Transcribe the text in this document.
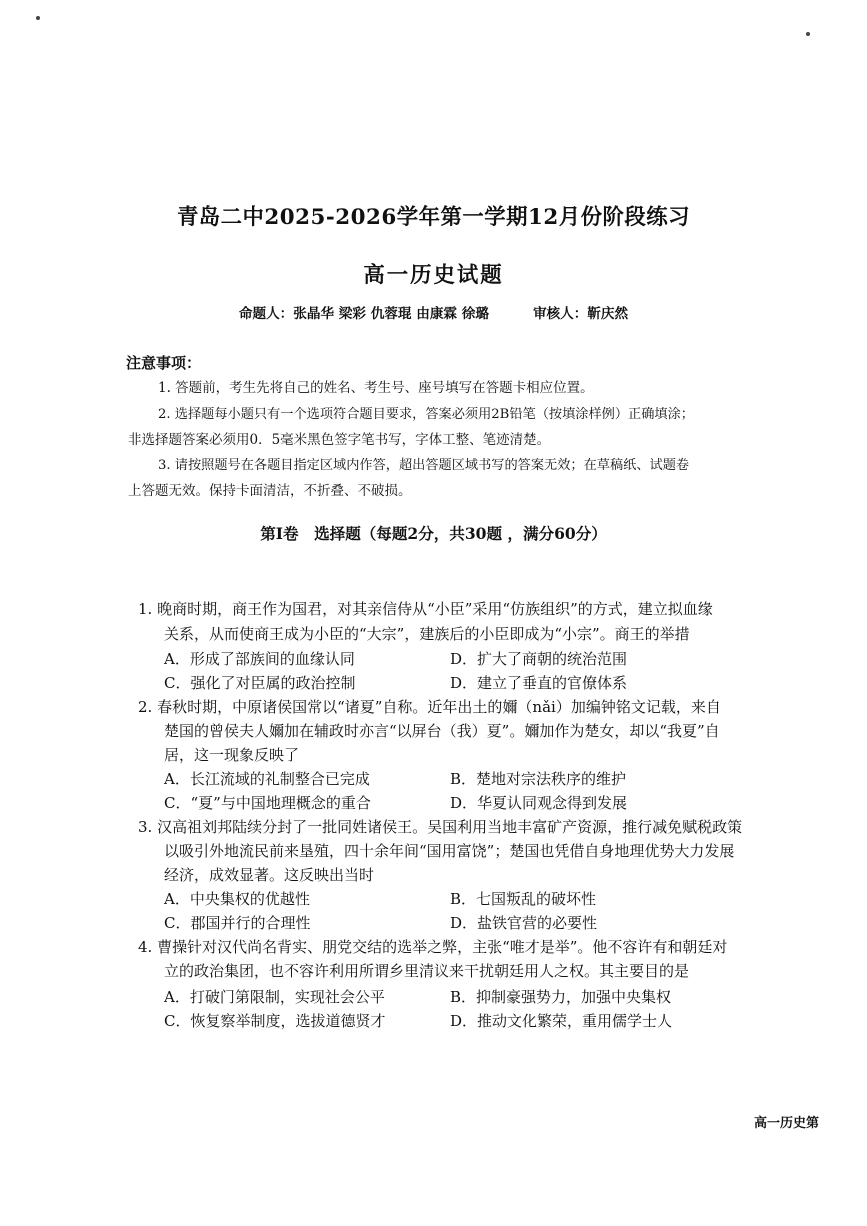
青岛二中2025-2026学年第一学期12月份阶段练习
高一历史试题
命题人：张晶华 梁彩 仇蓉琨 由康霖 徐璐	审核人：靳庆然
注意事项：
1. 答题前，考生先将自己的姓名、考生号、座号填写在答题卡相应位置。
2. 选择题每小题只有一个选项符合题目要求，答案必须用2B铅笔（按填涂样例）正确填涂；
非选择题答案必须用0．5毫米黑色签字笔书写，字体工整、笔迹清楚。
3. 请按照题号在各题目指定区域内作答，超出答题区域书写的答案无效；在草稿纸、试题卷
上答题无效。保持卡面清洁，不折叠、不破损。
第Ⅰ卷　选择题（每题2分，共30题 ，满分60分）
1. 晚商时期，商王作为国君，对其亲信侍从“小臣”采用“仿族组织”的方式，建立拟血缘
关系，从而使商王成为小臣的“大宗”，建族后的小臣即成为“小宗”。商王的举措
A．形成了部族间的血缘认同	D．扩大了商朝的统治范围
C．强化了对臣属的政治控制	D．建立了垂直的官僚体系
2. 春秋时期，中原诸侯国常以“诸夏”自称。近年出土的嬭（nǎi）加编钟铭文记载，来自
楚国的曾侯夫人嬭加在辅政时亦言“以屏台（我）夏”。嬭加作为楚女，却以“我夏”自
居，这一现象反映了
A．长江流域的礼制整合已完成	B．楚地对宗法秩序的维护
C．“夏”与中国地理概念的重合	D．华夏认同观念得到发展
3. 汉高祖刘邦陆续分封了一批同姓诸侯王。吴国利用当地丰富矿产资源，推行减免赋税政策
以吸引外地流民前来垦殖，四十余年间“国用富饶”；楚国也凭借自身地理优势大力发展
经济，成效显著。这反映出当时
A．中央集权的优越性	B．七国叛乱的破坏性
C．郡国并行的合理性	D．盐铁官营的必要性
4. 曹操针对汉代尚名背实、朋党交结的选举之弊，主张“唯才是举”。他不容许有和朝廷对
立的政治集团，也不容许利用所谓乡里清议来干扰朝廷用人之权。其主要目的是
A．打破门第限制，实现社会公平	B．抑制豪强势力，加强中央集权
C．恢复察举制度，选拔道德贤才	D．推动文化繁荣，重用儒学士人
高一历史第
